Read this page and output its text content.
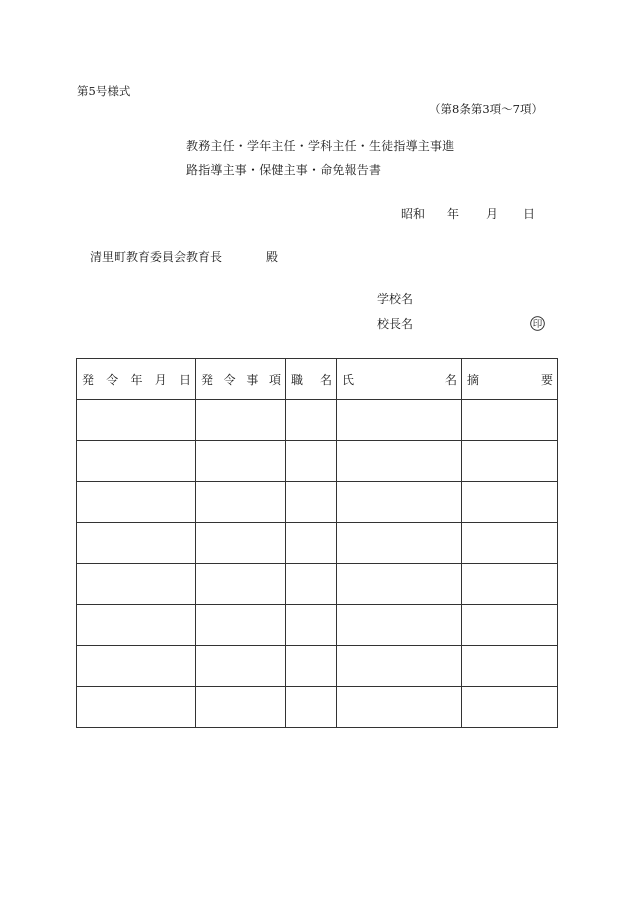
第5号様式
（第8条第3項〜7項）
教務主任・学年主任・学科主任・生徒指導主事進
路指導主事・保健主事・命免報告書
昭和	年	月	日
清里町教育委員会教育長	殿
学校名
校長名	印
発 令 年 月 日	発 令 事 項	職 名	氏 名	摘 要
